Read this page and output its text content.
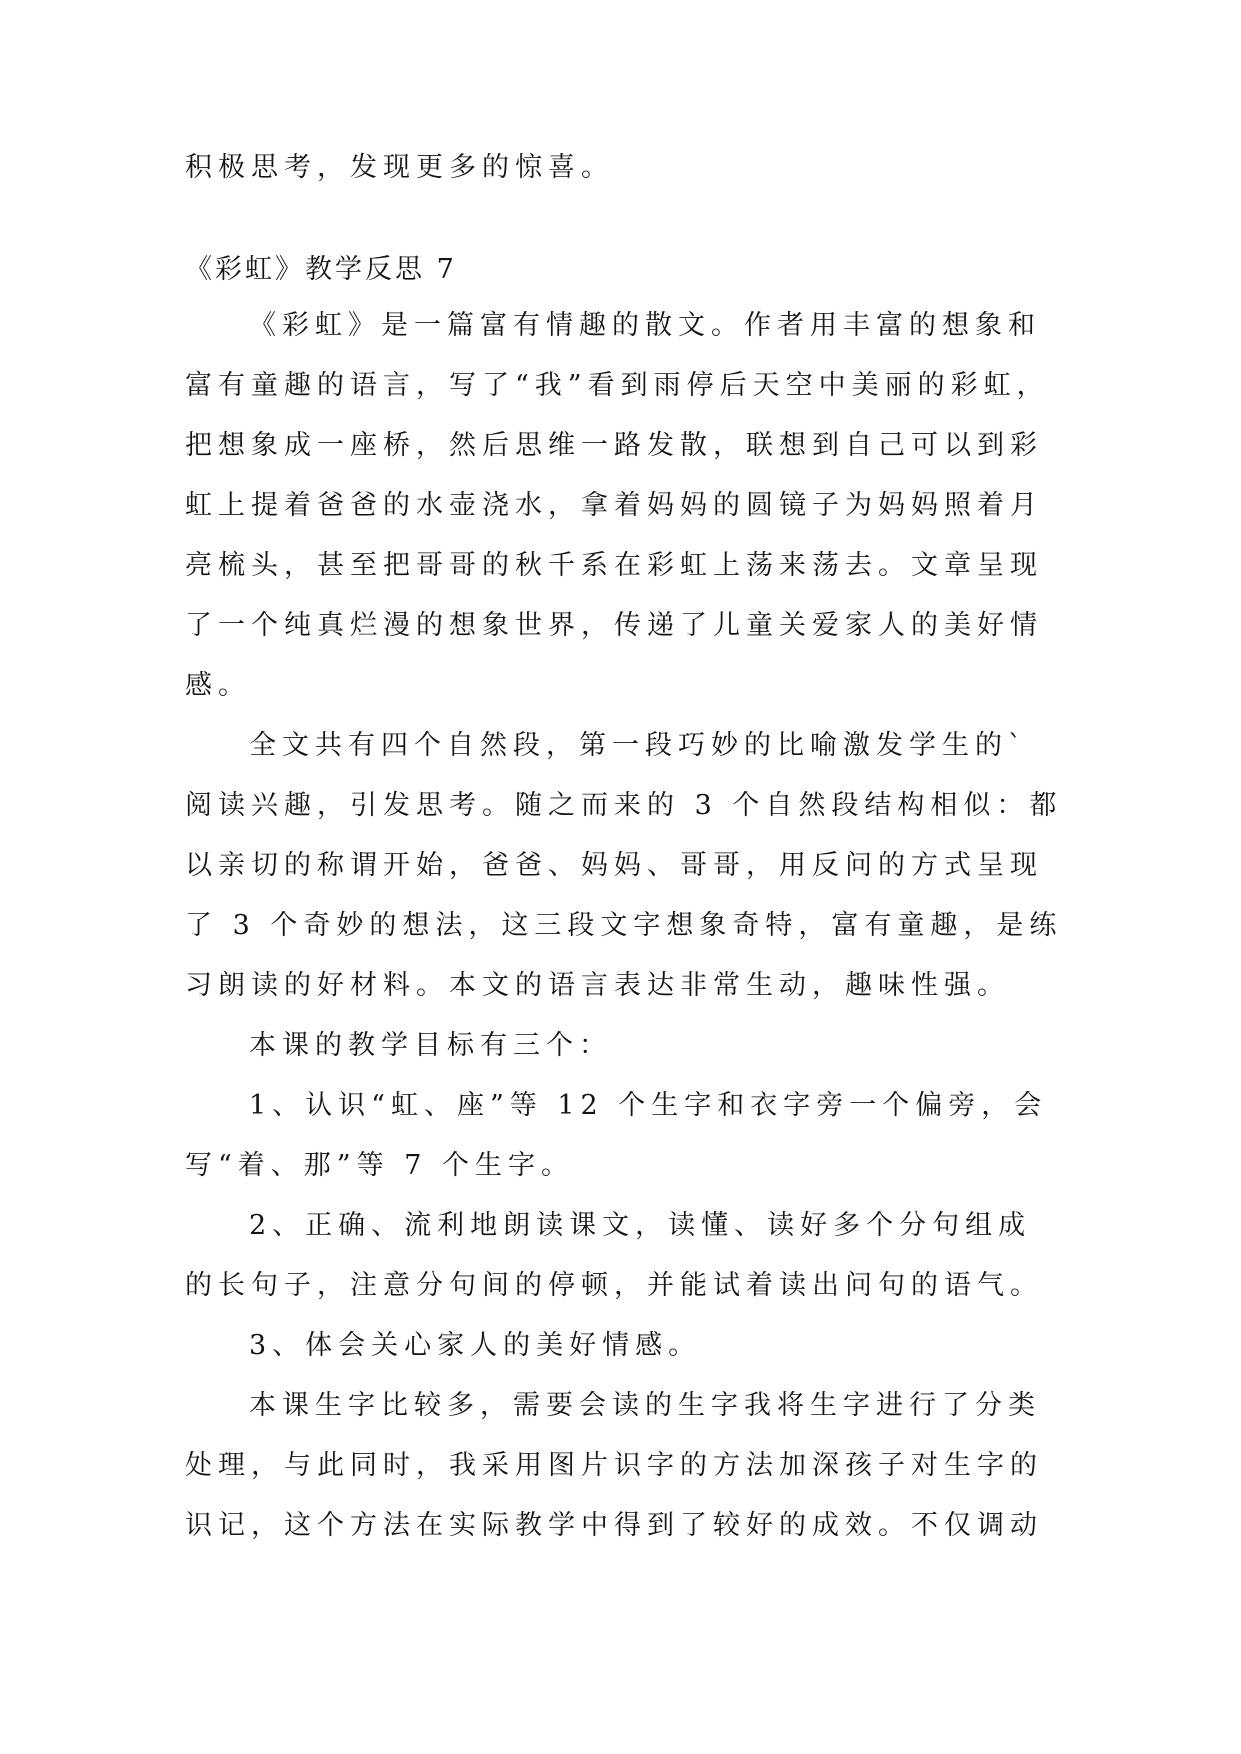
积极思考，发现更多的惊喜。
《彩虹》教学反思 7
《彩虹》是一篇富有情趣的散文。作者用丰富的想象和
富有童趣的语言，写了“我”看到雨停后天空中美丽的彩虹，
把想象成一座桥，然后思维一路发散，联想到自己可以到彩
虹上提着爸爸的水壶浇水，拿着妈妈的圆镜子为妈妈照着月
亮梳头，甚至把哥哥的秋千系在彩虹上荡来荡去。文章呈现
了一个纯真烂漫的想象世界，传递了儿童关爱家人的美好情
感。
全文共有四个自然段，第一段巧妙的比喻激发学生的`
阅读兴趣，引发思考。随之而来的 3 个自然段结构相似：都
以亲切的称谓开始，爸爸、妈妈、哥哥，用反问的方式呈现
了 3 个奇妙的想法，这三段文字想象奇特，富有童趣，是练
习朗读的好材料。本文的语言表达非常生动，趣味性强。
本课的教学目标有三个：
1、认识“虹、座”等 12 个生字和衣字旁一个偏旁，会
写“着、那”等 7 个生字。
2、正确、流利地朗读课文，读懂、读好多个分句组成
的长句子，注意分句间的停顿，并能试着读出问句的语气。
3、体会关心家人的美好情感。
本课生字比较多，需要会读的生字我将生字进行了分类
处理，与此同时，我采用图片识字的方法加深孩子对生字的
识记，这个方法在实际教学中得到了较好的成效。不仅调动
